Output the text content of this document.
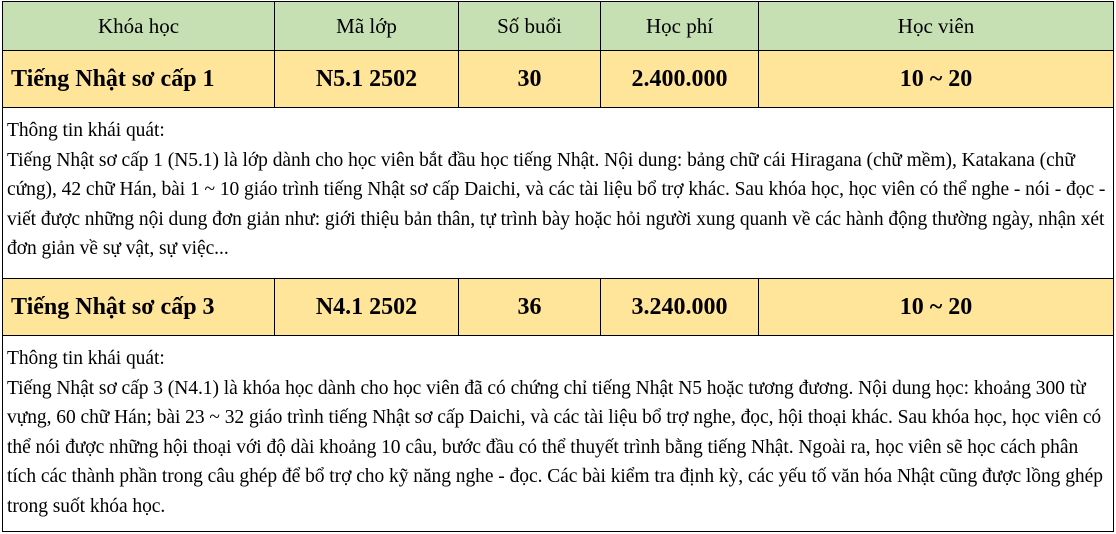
Khóa học	Mã lớp	Số buổi	Học phí	Học viên
Tiếng Nhật sơ cấp 1	N5.1 2502	30	2.400.000	10 ~ 20

Thông tin khái quát:
Tiếng Nhật sơ cấp 1 (N5.1) là lớp dành cho học viên bắt đầu học tiếng Nhật. Nội dung: bảng chữ cái Hiragana (chữ mềm), Katakana (chữ cứng), 42 chữ Hán, bài 1 ~ 10 giáo trình tiếng Nhật sơ cấp Daichi, và các tài liệu bổ trợ khác. Sau khóa học, học viên có thể nghe - nói - đọc - viết được những nội dung đơn giản như: giới thiệu bản thân, tự trình bày hoặc hỏi người xung quanh về các hành động thường ngày, nhận xét đơn giản về sự vật, sự việc...				

Tiếng Nhật sơ cấp 3	N4.1 2502	36	3.240.000	10 ~ 20

Thông tin khái quát:
Tiếng Nhật sơ cấp 3 (N4.1) là khóa học dành cho học viên đã có chứng chỉ tiếng Nhật N5 hoặc tương đương. Nội dung học: khoảng 300 từ vựng, 60 chữ Hán; bài 23 ~ 32 giáo trình tiếng Nhật sơ cấp Daichi, và các tài liệu bổ trợ nghe, đọc, hội thoại khác. Sau khóa học, học viên có thể nói được những hội thoại với độ dài khoảng 10 câu, bước đầu có thể thuyết trình bằng tiếng Nhật. Ngoài ra, học viên sẽ học cách phân tích các thành phần trong câu ghép để bổ trợ cho kỹ năng nghe - đọc. Các bài kiểm tra định kỳ, các yếu tố văn hóa Nhật cũng được lồng ghép trong suốt khóa học.				
